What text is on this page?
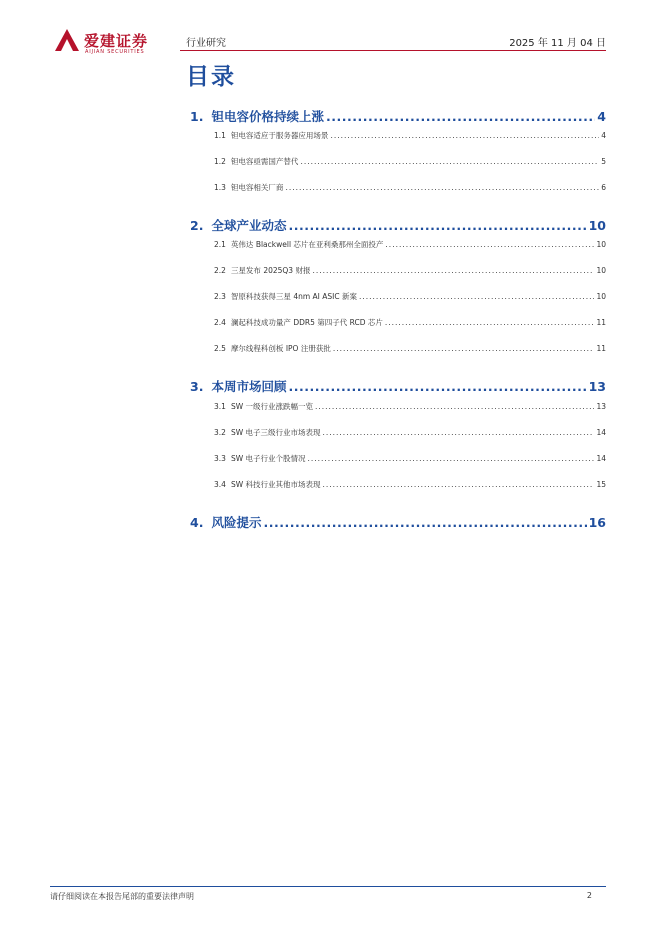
爱建证券
AIJIAN SECURITIES
行业研究	2025 年 11 月 04 日
目录
1. 钽电容价格持续上涨 .....	4
1.1 钽电容适应于服务器应用场景 .....	4
1.2 钽电容亟需国产替代 .....	5
1.3 钽电容相关厂商 .....	6
2. 全球产业动态 .....	10
2.1 英伟达 Blackwell 芯片在亚利桑那州全面投产 .....	10
2.2 三星发布 2025Q3 财报 .....	10
2.3 智原科技获得三星 4nm AI ASIC 新案 .....	10
2.4 澜起科技成功量产 DDR5 第四子代 RCD 芯片 .....	11
2.5 摩尔线程科创板 IPO 注册获批 .....	11
3. 本周市场回顾 .....	13
3.1 SW 一级行业涨跌幅一览 .....	13
3.2 SW 电子三级行业市场表现 .....	14
3.3 SW 电子行业个股情况 .....	14
3.4 SW 科技行业其他市场表现 .....	15
4. 风险提示 .....	16
请仔细阅读在本报告尾部的重要法律声明	2
